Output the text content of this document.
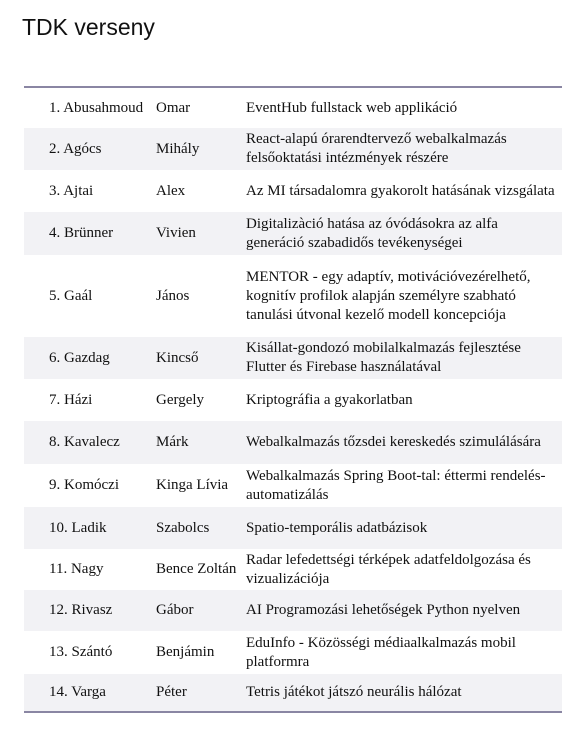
TDK verseny
1 . Abusahmoud	Omar	EventHub fullstack web applikáció

2 . Agócs	Mihály	React-alapú órarendtervező webalkalmazás felsőoktatási intézmények részére

3 . Ajtai	Alex	Az MI társadalomra gyakorolt hatásának vizsgálata

4 . Brünner	Vivien	Digitalizàció hatása az óvódásokra az alfa generáció szabadidős tevékenységei

5 . Gaál	János	MENTOR - egy adaptív, motivációvezérelhető, kognitív profilok alapján személyre szabható tanulási útvonal kezelő modell koncepciója

6 . Gazdag	Kincső	Kisállat-gondozó mobilalkalmazás fejlesztése Flutter és Firebase használatával

7 . Házi	Gergely	Kriptográfia a gyakorlatban

8 . Kavalecz	Márk	Webalkalmazás tőzsdei kereskedés szimulálására

9 . Komóczi	Kinga Lívia	Webalkalmazás Spring Boot-tal: éttermi rendelés-automatizálás

10 . Ladik	Szabolcs	Spatio-temporális adatbázisok

11 . Nagy	Bence Zoltán	Radar lefedettségi térképek adatfeldolgozása és vizualizációja

12 . Rivasz	Gábor	AI Programozási lehetőségek Python nyelven

13 . Szántó	Benjámin	EduInfo - Közösségi médiaalkalmazás mobil platformra

14 . Varga	Péter	Tetris játékot játszó neurális hálózat
